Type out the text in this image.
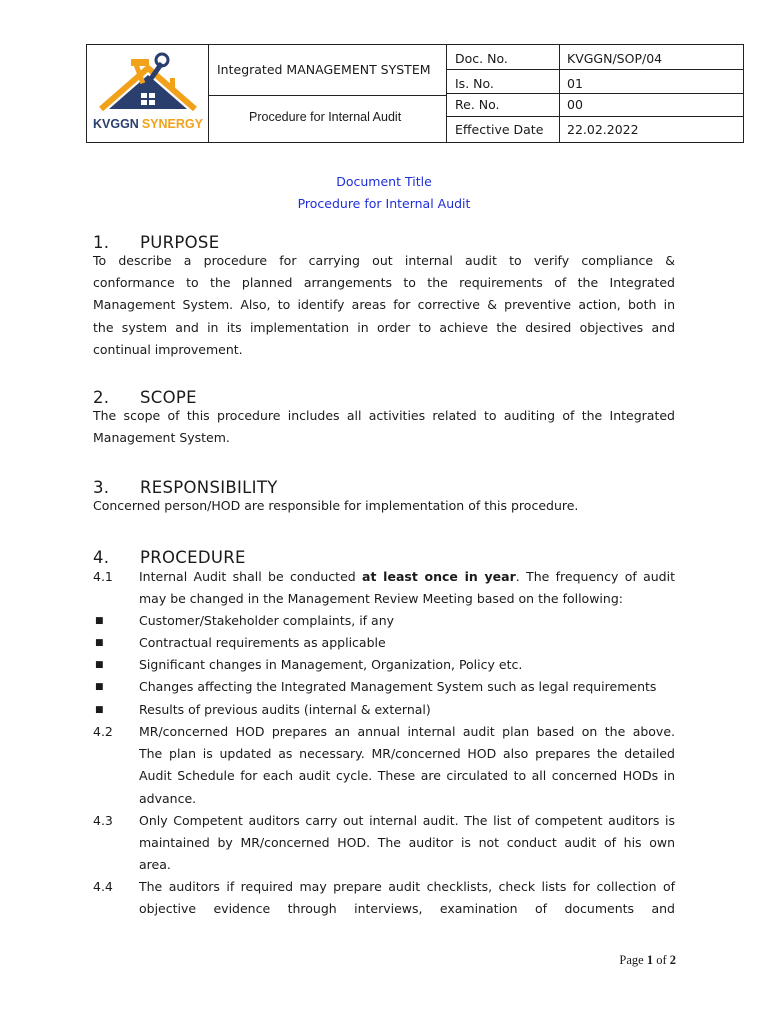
KVGGN SYNERGY
Integrated MANAGEMENT SYSTEM
Procedure for Internal Audit
Doc. No.	KVGGN/SOP/04
Is. No.	01
Re. No.	00
Effective Date 22.02.2022
Document Title
Procedure for Internal Audit
1. PURPOSE
To describe a procedure for carrying out internal audit to verify compliance &
conformance to the planned arrangements to the requirements of the Integrated
Management System. Also, to identify areas for corrective & preventive action, both in
the system and in its implementation in order to achieve the desired objectives and
continual improvement.
2. SCOPE
The scope of this procedure includes all activities related to auditing of the Integrated
Management System.
3. RESPONSIBILITY
Concerned person/HOD are responsible for implementation of this procedure.
4. PROCEDURE
4.1 Internal Audit shall be conducted at least once in year. The frequency of audit
may be changed in the Management Review Meeting based on the following:
■	Customer/Stakeholder complaints, if any
■	Contractual requirements as applicable
■	Significant changes in Management, Organization, Policy etc.
■	Changes affecting the Integrated Management System such as legal requirements
■	Results of previous audits (internal & external)
4.2 MR/concerned HOD prepares an annual internal audit plan based on the above.
The plan is updated as necessary. MR/concerned HOD also prepares the detailed
Audit Schedule for each audit cycle. These are circulated to all concerned HODs in
advance.
4.3 Only Competent auditors carry out internal audit. The list of competent auditors is
maintained by MR/concerned HOD. The auditor is not conduct audit of his own
area.
4.4 The auditors if required may prepare audit checklists, check lists for collection of
objective evidence through interviews, examination of documents and
Page 1 of 2
